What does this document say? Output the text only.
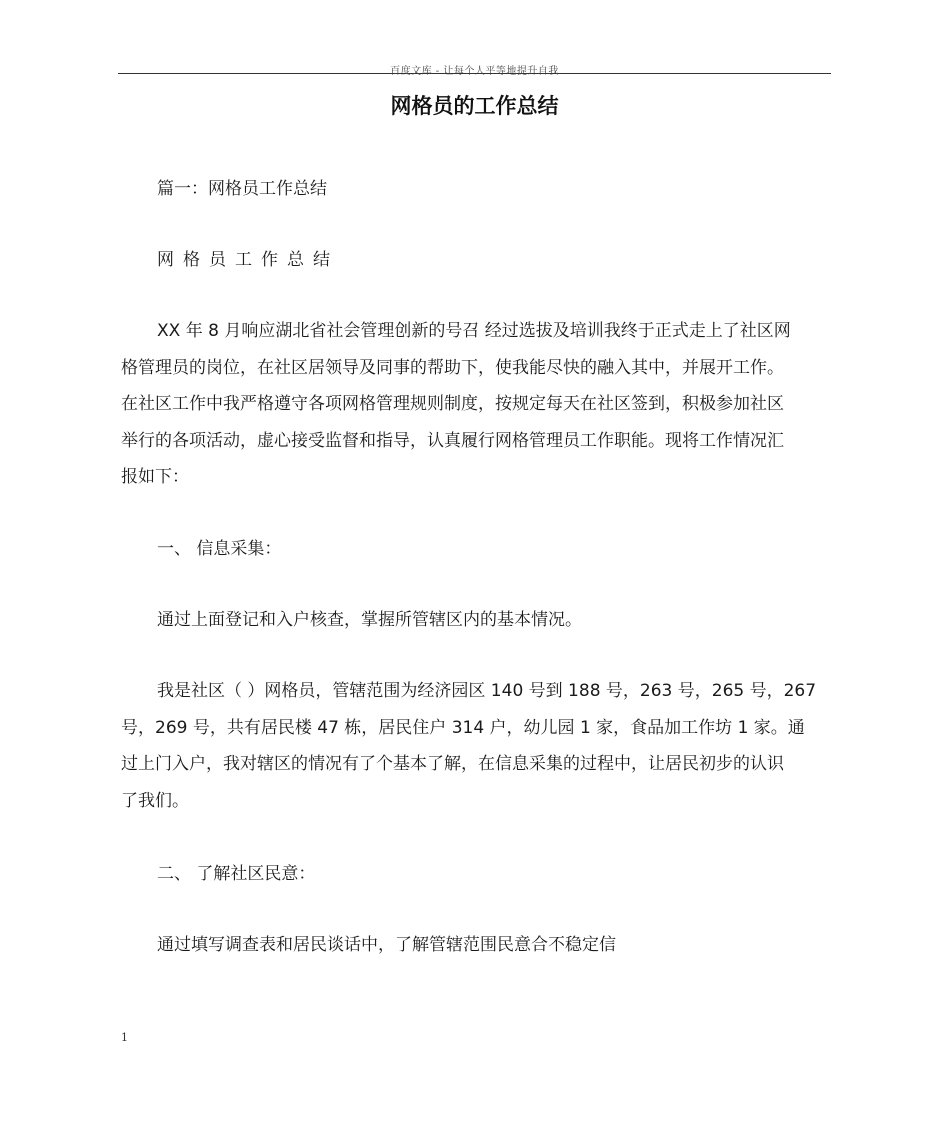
百度文库 - 让每个人平等地提升自我
网格员的工作总结

篇一：网格员工作总结

网格员工作总结

XX 年 8 月响应湖北省社会管理创新的号召 经过选拔及培训我终于正式走上了社区网
格管理员的岗位，在社区居领导及同事的帮助下，使我能尽快的融入其中，并展开工作。
在社区工作中我严格遵守各项网格管理规则制度，按规定每天在社区签到，积极参加社区
举行的各项活动，虚心接受监督和指导，认真履行网格管理员工作职能。现将工作情况汇
报如下：

一、 信息采集：

通过上面登记和入户核查，掌握所管辖区内的基本情况。

我是社区（ ）网格员，管辖范围为经济园区 140 号到 188 号，263 号，265 号，267
号，269 号，共有居民楼 47 栋，居民住户 314 户，幼儿园 1 家，食品加工作坊 1 家。通
过上门入户，我对辖区的情况有了个基本了解，在信息采集的过程中，让居民初步的认识
了我们。

二、 了解社区民意：

通过填写调查表和居民谈话中，了解管辖范围民意合不稳定信

1
